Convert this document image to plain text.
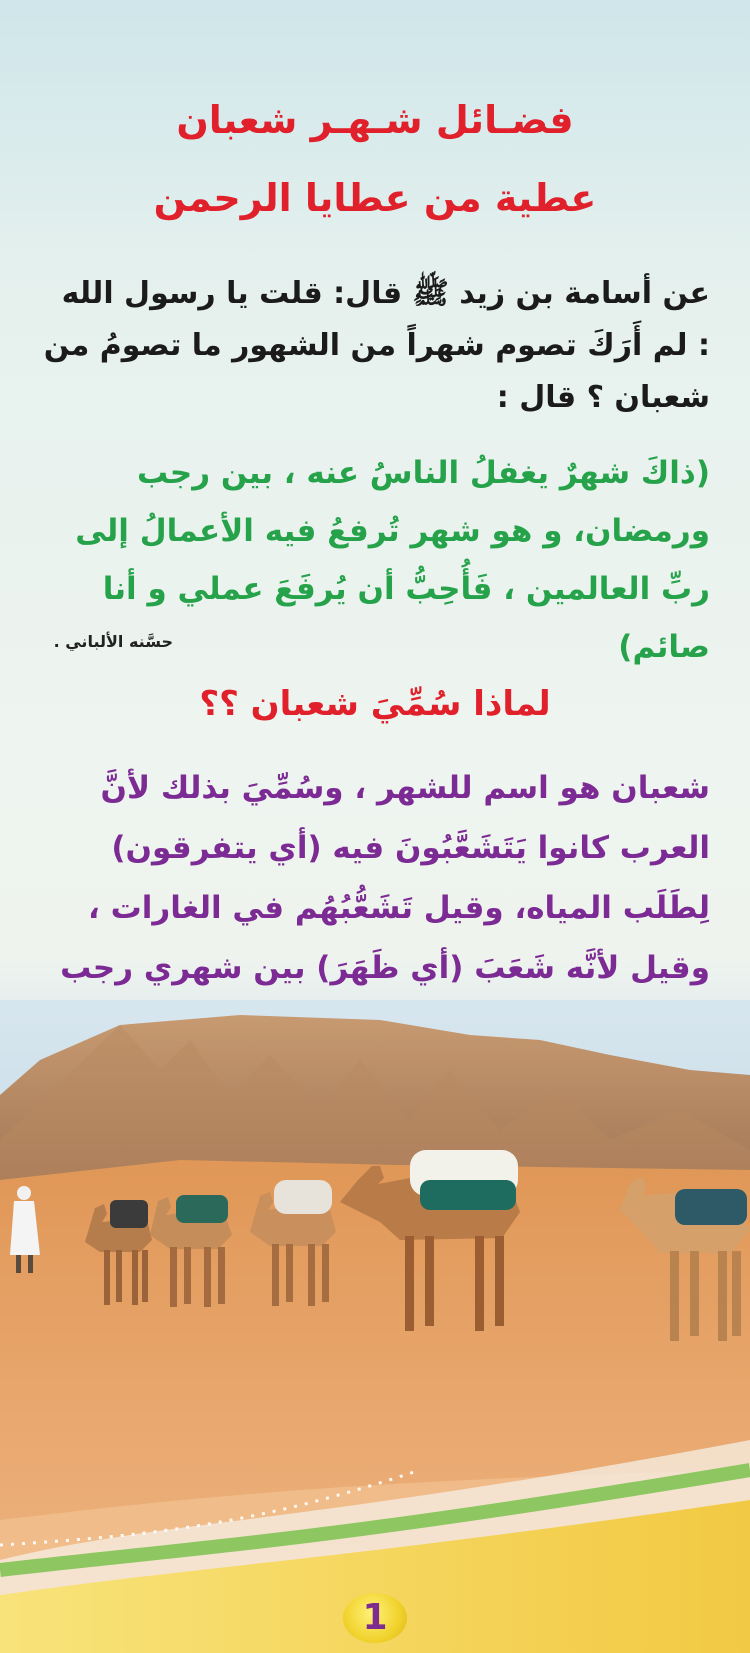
فضـائل شـهـر شعبان
عطية من عطايا الرحمن
عن أسامة بن زيد ﷺ قال: قلت يا رسول الله : لم أَرَكَ تصوم شهراً من الشهور ما تصومُ من شعبان ؟ قال :
(ذاكَ شهرٌ يغفلُ الناسُ عنه ، بين رجب ورمضان، و هو شهر تُرفعُ فيه الأعمالُ إلى ربِّ العالمين ، فَأُحِبُّ أن يُرفَعَ عملي و أنا صائم)
حسَّنه الألباني .
لماذا سُمِّيَ شعبان ؟؟
شعبان هو اسم للشهر ، وسُمِّيَ بذلك لأنَّ العرب كانوا يَتَشَعَّبُونَ فيه (أي يتفرقون) لِطَلَب المياه، وقيل تَشَعُّبُهُم في الغارات ، وقيل لأنَّه شَعَبَ (أي ظَهَرَ) بين شهري رجب
1
